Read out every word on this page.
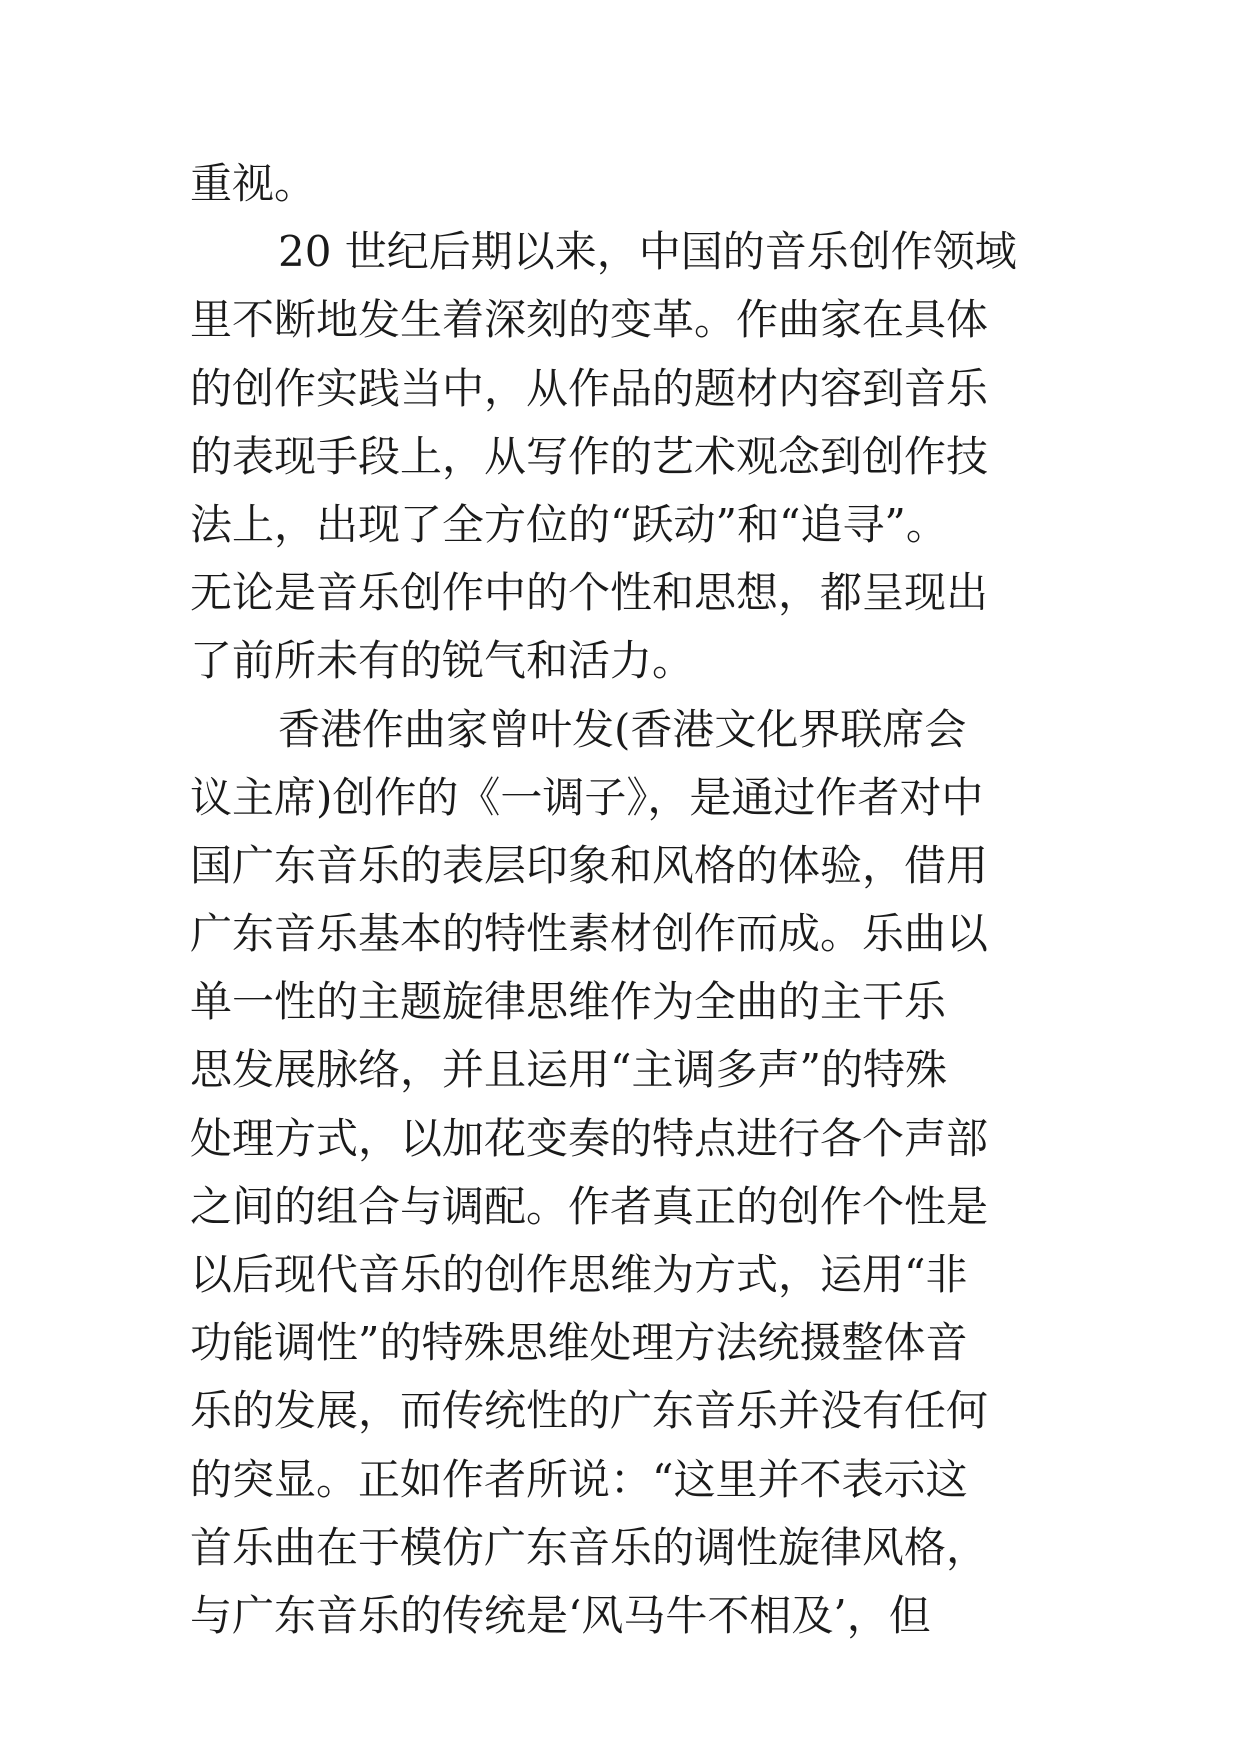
重视。
20 世纪后期以来，中国的音乐创作领域
里不断地发生着深刻的变革。作曲家在具体
的创作实践当中，从作品的题材内容到音乐
的表现手段上，从写作的艺术观念到创作技
法上，出现了全方位的“跃动”和“追寻”。
无论是音乐创作中的个性和思想，都呈现出
了前所未有的锐气和活力。
香港作曲家曾叶发(香港文化界联席会
议主席)创作的《一调子》，是通过作者对中
国广东音乐的表层印象和风格的体验，借用
广东音乐基本的特性素材创作而成。乐曲以
单一性的主题旋律思维作为全曲的主干乐
思发展脉络，并且运用“主调多声”的特殊
处理方式，以加花变奏的特点进行各个声部
之间的组合与调配。作者真正的创作个性是
以后现代音乐的创作思维为方式，运用“非
功能调性”的特殊思维处理方法统摄整体音
乐的发展，而传统性的广东音乐并没有任何
的突显。正如作者所说：“这里并不表示这
首乐曲在于模仿广东音乐的调性旋律风格，
与广东音乐的传统是‘风马牛不相及’，但
